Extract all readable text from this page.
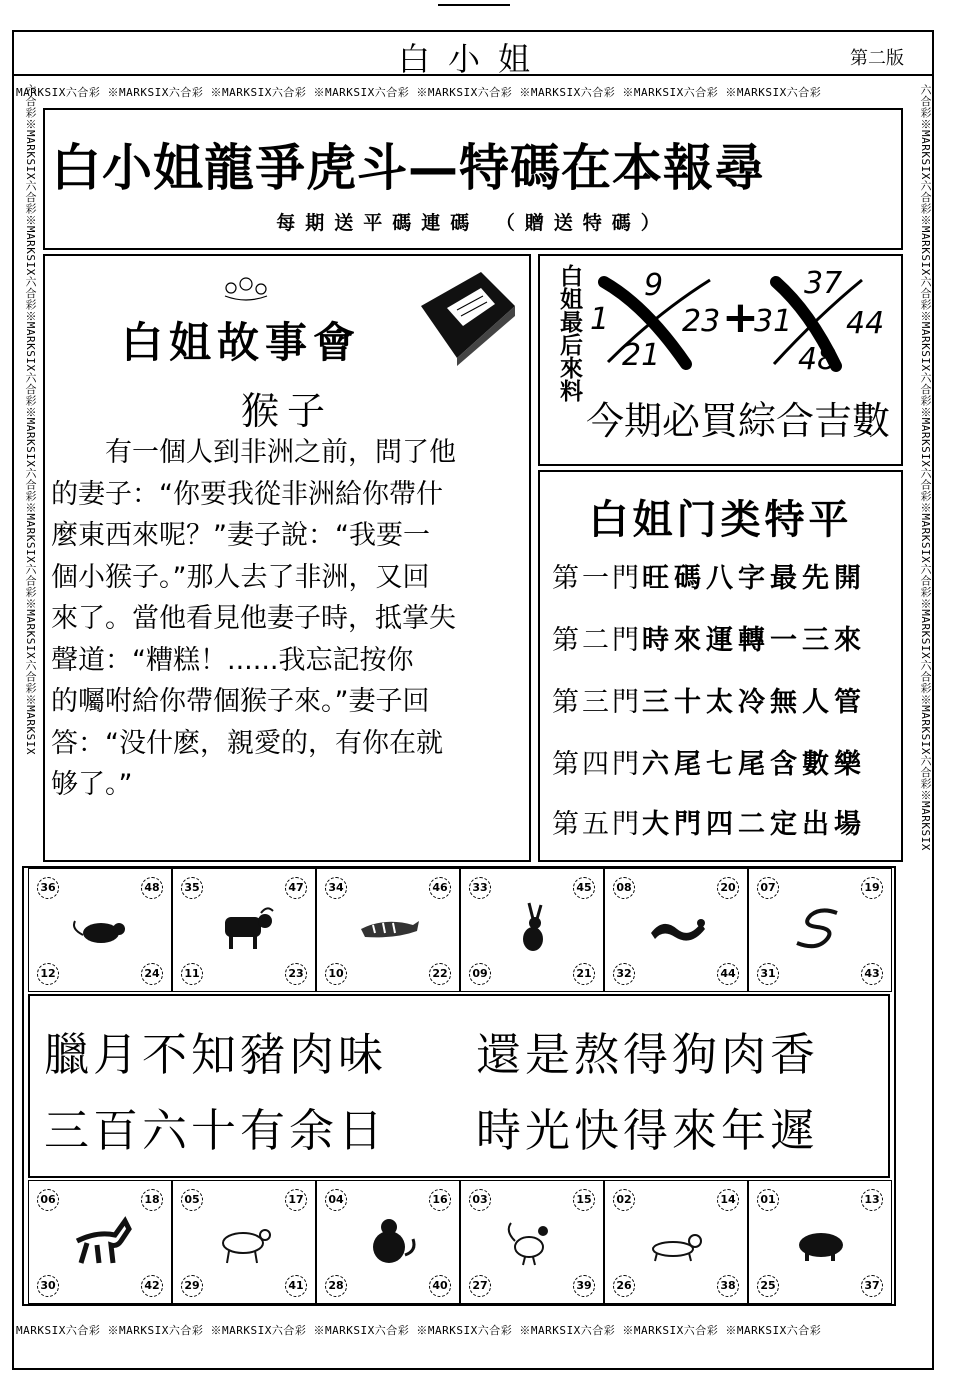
白小姐	第二版
MARKSIX六合彩 ※MARKSIX六合彩 ※MARKSIX六合彩 ※MARKSIX六合彩 ※MARKSIX六合彩 ※MARKSIX六合彩 ※MARKSIX六合彩 ※MARKSIX六合彩
MARKSIX六合彩 ※MARKSIX六合彩 ※MARKSIX六合彩 ※MARKSIX六合彩 ※MARKSIX六合彩 ※MARKSIX六合彩 ※MARKSIX六合彩 ※MARKSIX六合彩
六合彩※MARKSIX六合彩※MARKSIX六合彩※MARKSIX六合彩※MARKSIX六合彩※MARKSIX六合彩※MARKSIX六合彩※MARKSIX	六合彩※MARKSIX六合彩※MARKSIX六合彩※MARKSIX六合彩※MARKSIX六合彩※MARKSIX六合彩※MARKSIX六合彩※MARKSIX六合彩※MARKSIX
白小姐龍爭虎斗—特碼在本報尋
每期送平碼連碼 （贈送特碼）
白姐故事會
猴子
有一個人到非洲之前，問了他
的妻子：“你要我從非洲給你帶什
麼東西來呢？”妻子說：“我要一
個小猴子。”那人去了非洲，又回
來了。當他看見他妻子時，抵掌失
聲道：“糟糕！......我忘記按你
的囑咐給你帶個猴子來。”妻子回
答：“没什麽，親愛的，有你在就
够了。”
白姐最后來料 1
9
21
23 +
31
37
44
48
今期必買綜合吉數
白姐门类特平
第一門旺碼八字最先開
第二門時來運轉一三來
第三門三十太冷無人管
第四門六尾七尾含數樂
第五門大門四二定出場
36	48
12	24
35	47
11	23
34	46
10	22
33	45
09	21
08	20
32	44
07	19
31	43
臘月不知豬肉味 還是熬得狗肉香
三百六十有余日 時光快得來年遲
06	18
30	42
05	17
29	41
04	16
28	40
03	15
27	39
02	14
26	38
01	13
25	37
